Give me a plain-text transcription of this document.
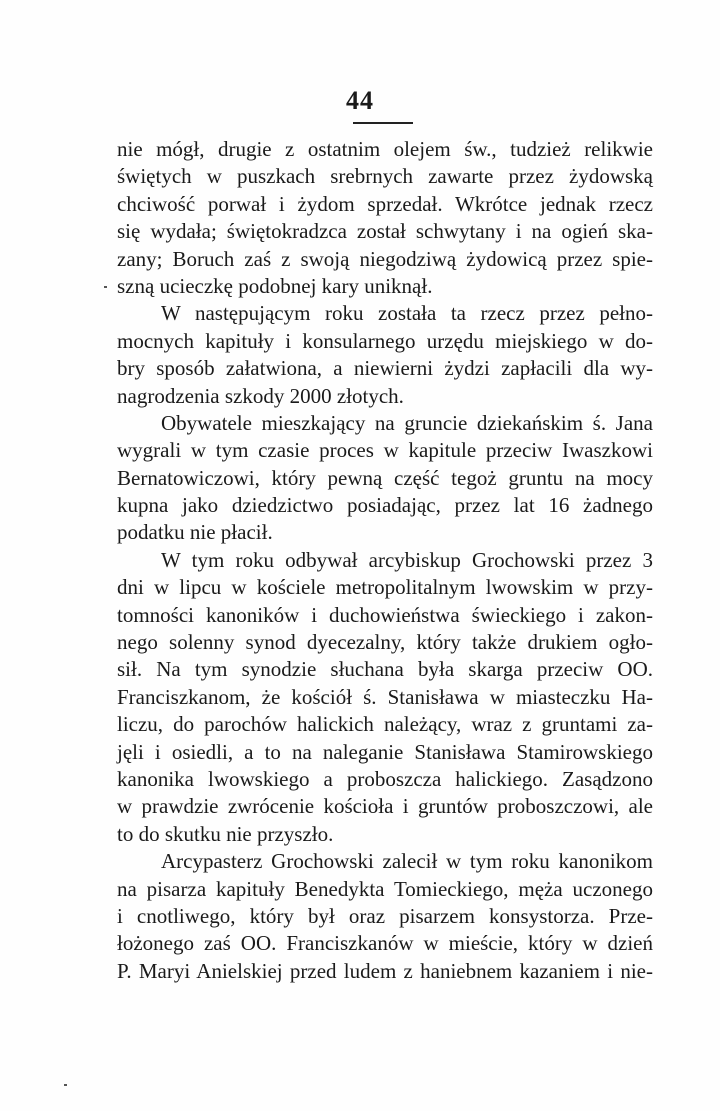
44
nie mógł, drugie z ostatnim olejem św., tudzież relikwie
świętych w puszkach srebrnych zawarte przez żydowską
chciwość porwał i żydom sprzedał. Wkrótce jednak rzecz
się wydała; świętokradzca został schwytany i na ogień ska-
zany; Boruch zaś z swoją niegodziwą żydowicą przez spie-
szną ucieczkę podobnej kary uniknął.
W następującym roku została ta rzecz przez pełno-
mocnych kapituły i konsularnego urzędu miejskiego w do-
bry sposób załatwiona, a niewierni żydzi zapłacili dla wy-
nagrodzenia szkody 2000 złotych.
Obywatele mieszkający na gruncie dziekańskim ś. Jana
wygrali w tym czasie proces w kapitule przeciw Iwaszkowi
Bernatowiczowi, który pewną część tegoż gruntu na mocy
kupna jako dziedzictwo posiadając, przez lat 16 żadnego
podatku nie płacił.
W tym roku odbywał arcybiskup Grochowski przez 3
dni w lipcu w kościele metropolitalnym lwowskim w przy-
tomności kanoników i duchowieństwa świeckiego i zakon-
nego solenny synod dyecezalny, który także drukiem ogło-
sił. Na tym synodzie słuchana była skarga przeciw OO.
Franciszkanom, że kościół ś. Stanisława w miasteczku Ha-
liczu, do parochów halickich należący, wraz z gruntami za-
jęli i osiedli, a to na naleganie Stanisława Stamirowskiego
kanonika lwowskiego a proboszcza halickiego. Zasądzono
w prawdzie zwrócenie kościoła i gruntów proboszczowi, ale
to do skutku nie przyszło.
Arcypasterz Grochowski zalecił w tym roku kanonikom
na pisarza kapituły Benedykta Tomieckiego, męża uczonego
i cnotliwego, który był oraz pisarzem konsystorza. Prze-
łożonego zaś OO. Franciszkanów w mieście, który w dzień
P. Maryi Anielskiej przed ludem z haniebnem kazaniem i nie-
